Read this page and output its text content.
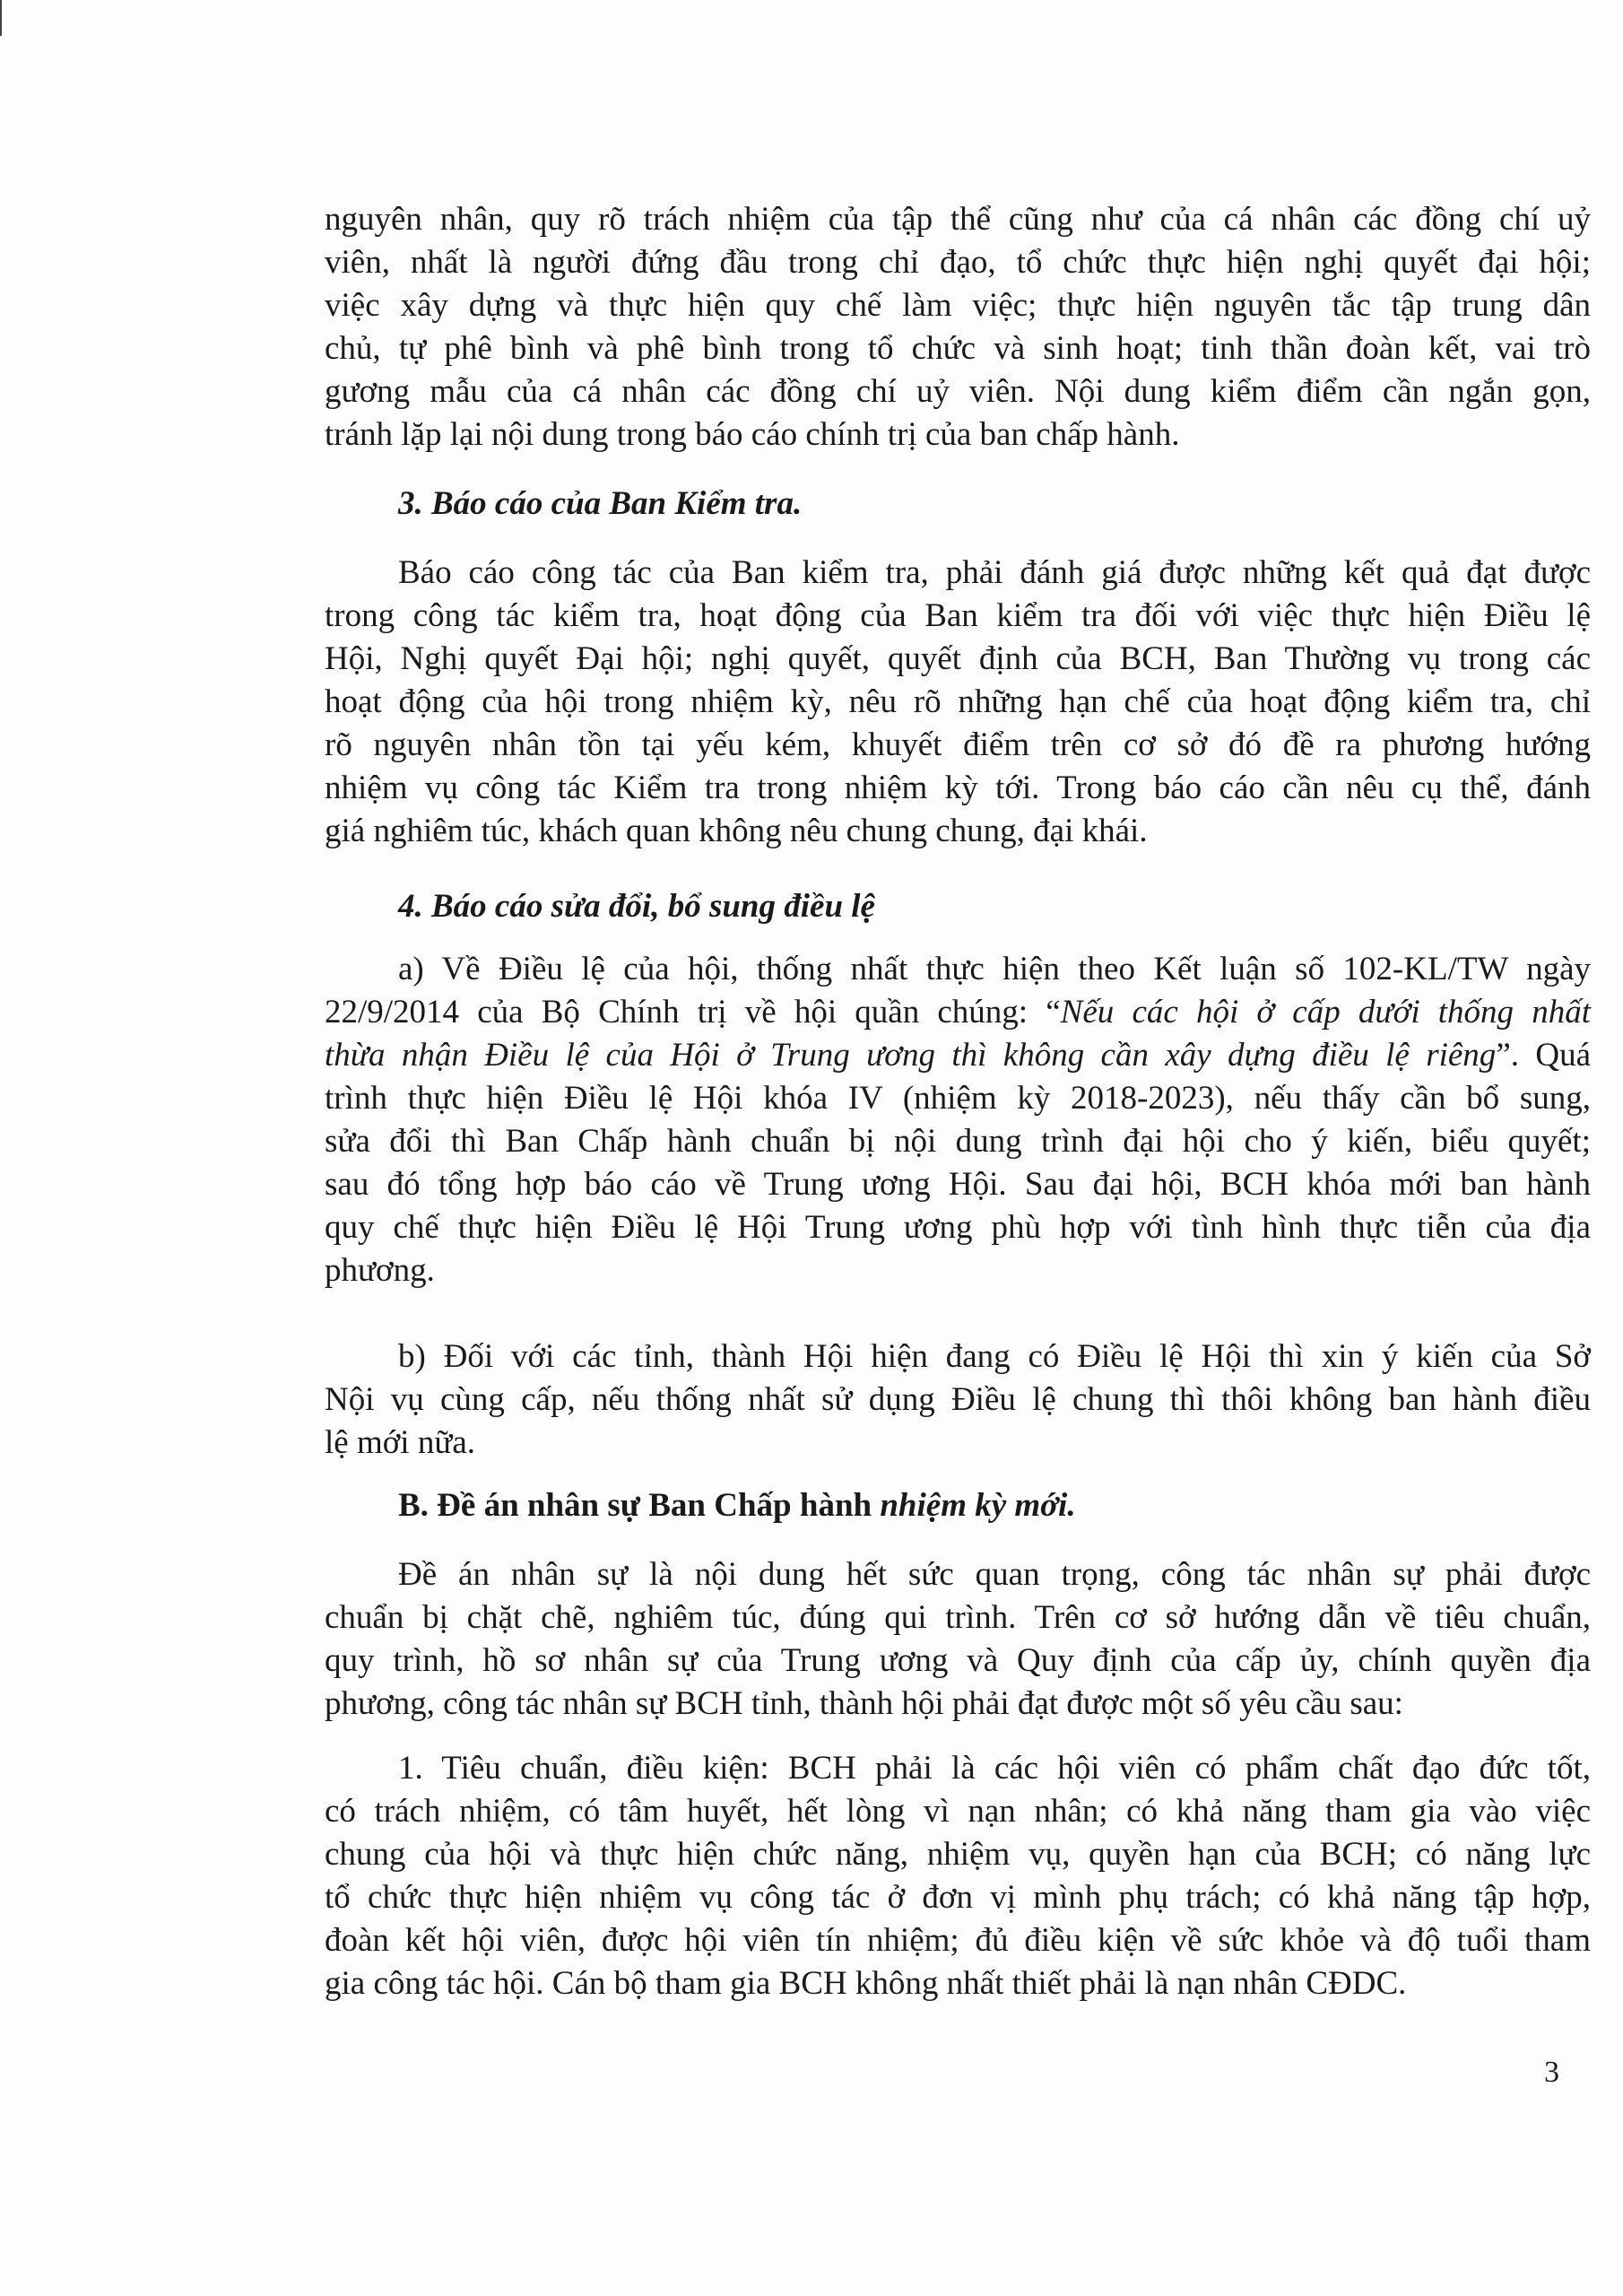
nguyên nhân, quy rõ trách nhiệm của tập thể cũng như của cá nhân các đồng chí uỷ
viên, nhất là người đứng đầu trong chỉ đạo, tổ chức thực hiện nghị quyết đại hội;
việc xây dựng và thực hiện quy chế làm việc; thực hiện nguyên tắc tập trung dân
chủ, tự phê bình và phê bình trong tổ chức và sinh hoạt; tinh thần đoàn kết, vai trò
gương mẫu của cá nhân các đồng chí uỷ viên. Nội dung kiểm điểm cần ngắn gọn,
tránh lặp lại nội dung trong báo cáo chính trị của ban chấp hành.
3. Báo cáo của Ban Kiểm tra.
Báo cáo công tác của Ban kiểm tra, phải đánh giá được những kết quả đạt được
trong công tác kiểm tra, hoạt động của Ban kiểm tra đối với việc thực hiện Điều lệ
Hội, Nghị quyết Đại hội; nghị quyết, quyết định của BCH, Ban Thường vụ trong các
hoạt động của hội trong nhiệm kỳ, nêu rõ những hạn chế của hoạt động kiểm tra, chỉ
rõ nguyên nhân tồn tại yếu kém, khuyết điểm trên cơ sở đó đề ra phương hướng
nhiệm vụ công tác Kiểm tra trong nhiệm kỳ tới. Trong báo cáo cần nêu cụ thể, đánh
giá nghiêm túc, khách quan không nêu chung chung, đại khái.
4. Báo cáo sửa đổi, bổ sung điều lệ
a) Về Điều lệ của hội, thống nhất thực hiện theo Kết luận số 102-KL/TW ngày
22/9/2014 của Bộ Chính trị về hội quần chúng: “Nếu các hội ở cấp dưới thống nhất
thừa nhận Điều lệ của Hội ở Trung ương thì không cần xây dựng điều lệ riêng”. Quá
trình thực hiện Điều lệ Hội khóa IV (nhiệm kỳ 2018-2023), nếu thấy cần bổ sung,
sửa đổi thì Ban Chấp hành chuẩn bị nội dung trình đại hội cho ý kiến, biểu quyết;
sau đó tổng hợp báo cáo về Trung ương Hội. Sau đại hội, BCH khóa mới ban hành
quy chế thực hiện Điều lệ Hội Trung ương phù hợp với tình hình thực tiễn của địa
phương.
b) Đối với các tỉnh, thành Hội hiện đang có Điều lệ Hội thì xin ý kiến của Sở
Nội vụ cùng cấp, nếu thống nhất sử dụng Điều lệ chung thì thôi không ban hành điều
lệ mới nữa.
B. Đề án nhân sự Ban Chấp hành nhiệm kỳ mới.
Đề án nhân sự là nội dung hết sức quan trọng, công tác nhân sự phải được
chuẩn bị chặt chẽ, nghiêm túc, đúng qui trình. Trên cơ sở hướng dẫn về tiêu chuẩn,
quy trình, hồ sơ nhân sự của Trung ương và Quy định của cấp ủy, chính quyền địa
phương, công tác nhân sự BCH tỉnh, thành hội phải đạt được một số yêu cầu sau:
1. Tiêu chuẩn, điều kiện: BCH phải là các hội viên có phẩm chất đạo đức tốt,
có trách nhiệm, có tâm huyết, hết lòng vì nạn nhân; có khả năng tham gia vào việc
chung của hội và thực hiện chức năng, nhiệm vụ, quyền hạn của BCH; có năng lực
tổ chức thực hiện nhiệm vụ công tác ở đơn vị mình phụ trách; có khả năng tập hợp,
đoàn kết hội viên, được hội viên tín nhiệm; đủ điều kiện về sức khỏe và độ tuổi tham
gia công tác hội. Cán bộ tham gia BCH không nhất thiết phải là nạn nhân CĐDC.
3
